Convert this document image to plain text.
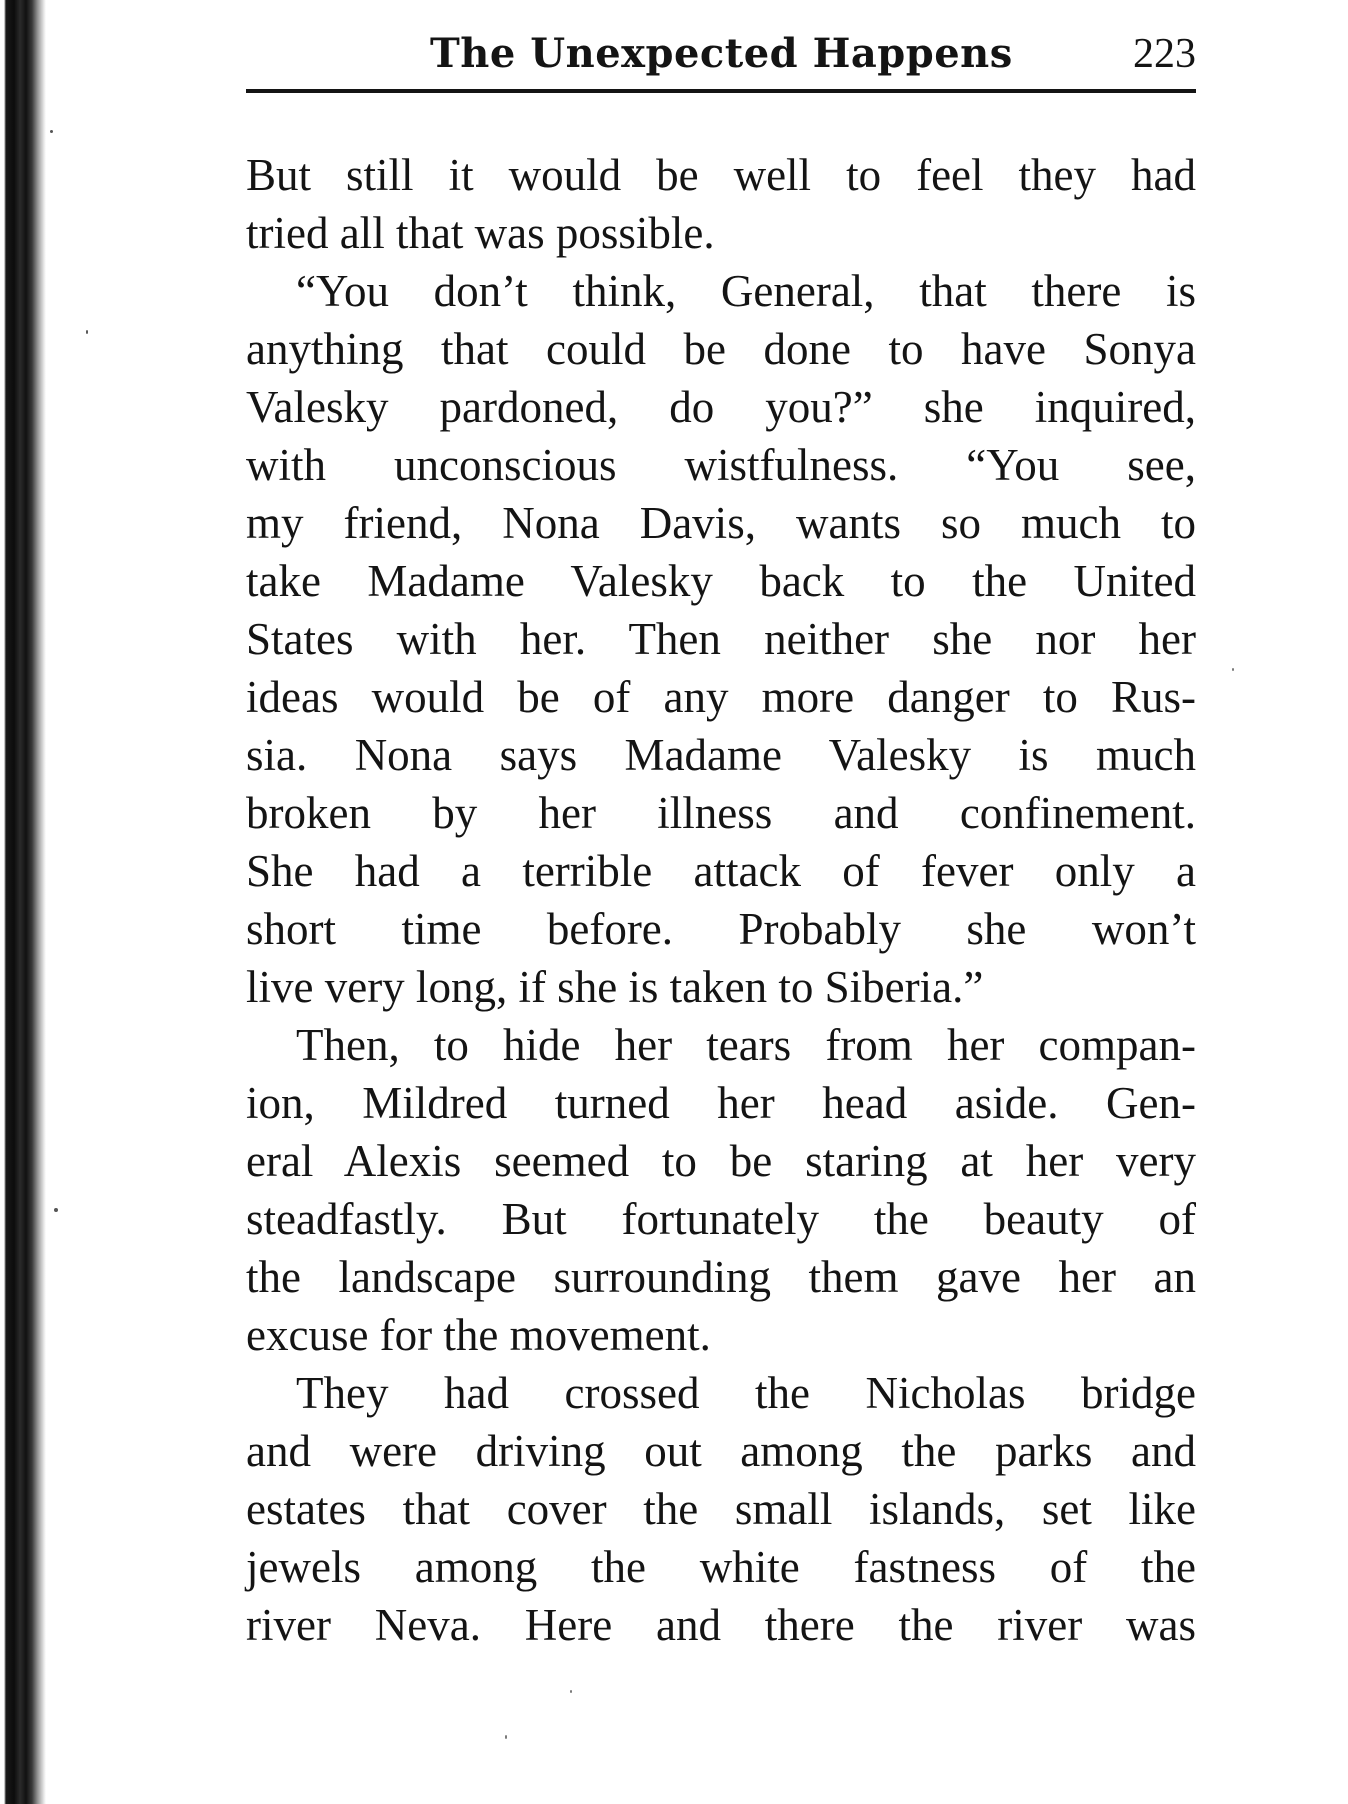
The Unexpected Happens	223
But still it would be well to feel they had
tried all that was possible.
“You don’t think, General, that there is
anything that could be done to have Sonya
Valesky pardoned, do you?” she inquired,
with unconscious wistfulness. “You see,
my friend, Nona Davis, wants so much to
take Madame Valesky back to the United
States with her. Then neither she nor her
ideas would be of any more danger to Rus-
sia. Nona says Madame Valesky is much
broken by her illness and confinement.
She had a terrible attack of fever only a
short time before. Probably she won’t
live very long, if she is taken to Siberia.”
Then, to hide her tears from her compan-
ion, Mildred turned her head aside. Gen-
eral Alexis seemed to be staring at her very
steadfastly. But fortunately the beauty of
the landscape surrounding them gave her an
excuse for the movement.
They had crossed the Nicholas bridge
and were driving out among the parks and
estates that cover the small islands, set like
jewels among the white fastness of the
river Neva. Here and there the river was
